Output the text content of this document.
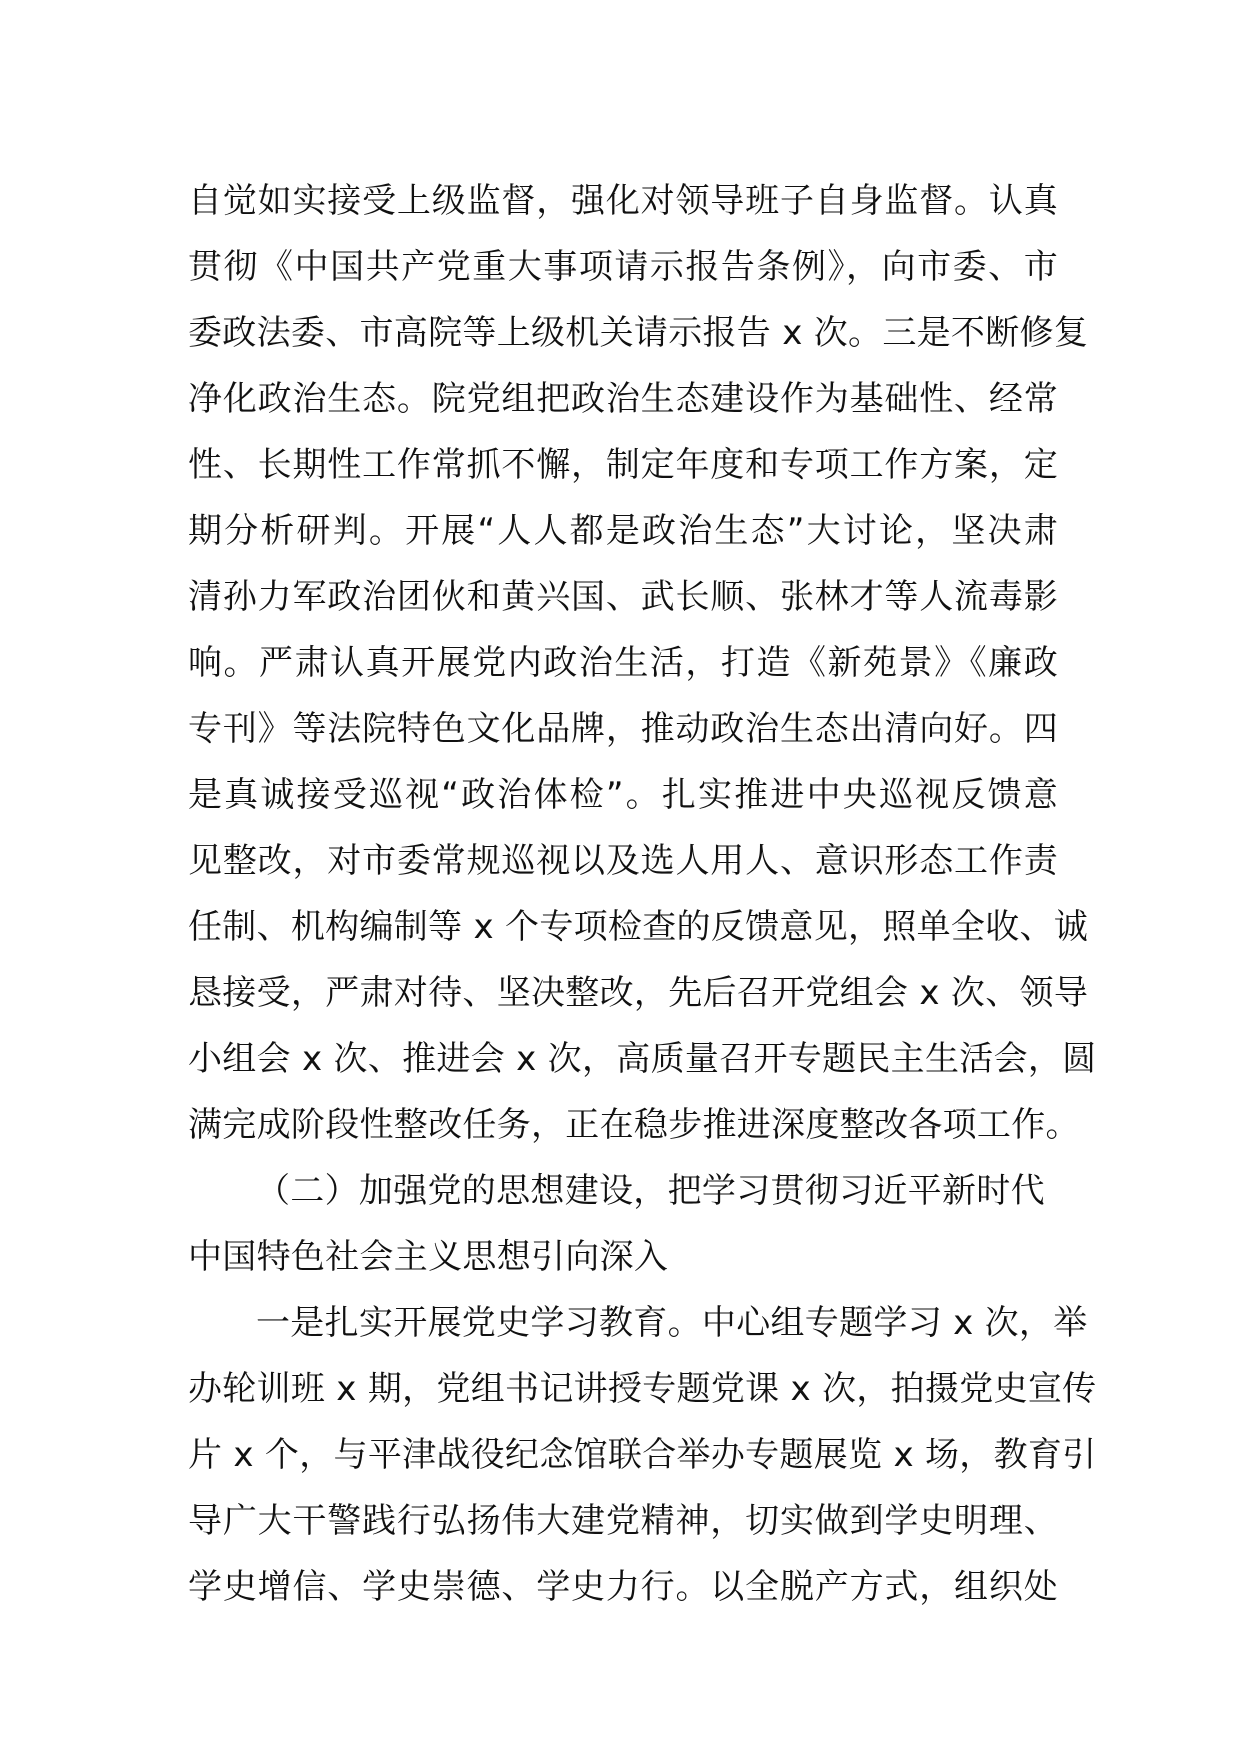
自觉如实接受上级监督，强化对领导班子自身监督。认真
贯彻《中国共产党重大事项请示报告条例》，向市委、市
委政法委、市高院等上级机关请示报告 x 次。三是不断修复
净化政治生态。院党组把政治生态建设作为基础性、经常
性、长期性工作常抓不懈，制定年度和专项工作方案，定
期分析研判。开展“人人都是政治生态”大讨论，坚决肃
清孙力军政治团伙和黄兴国、武长顺、张林才等人流毒影
响。严肃认真开展党内政治生活，打造《新苑景》《廉政
专刊》等法院特色文化品牌，推动政治生态出清向好。四
是真诚接受巡视“政治体检”。扎实推进中央巡视反馈意
见整改，对市委常规巡视以及选人用人、意识形态工作责
任制、机构编制等 x 个专项检查的反馈意见，照单全收、诚
恳接受，严肃对待、坚决整改，先后召开党组会 x 次、领导
小组会 x 次、推进会 x 次，高质量召开专题民主生活会，圆
满完成阶段性整改任务，正在稳步推进深度整改各项工作。
（二）加强党的思想建设，把学习贯彻习近平新时代
中国特色社会主义思想引向深入
一是扎实开展党史学习教育。中心组专题学习 x 次，举
办轮训班 x 期，党组书记讲授专题党课 x 次，拍摄党史宣传
片 x 个，与平津战役纪念馆联合举办专题展览 x 场，教育引
导广大干警践行弘扬伟大建党精神，切实做到学史明理、
学史增信、学史崇德、学史力行。以全脱产方式，组织处
